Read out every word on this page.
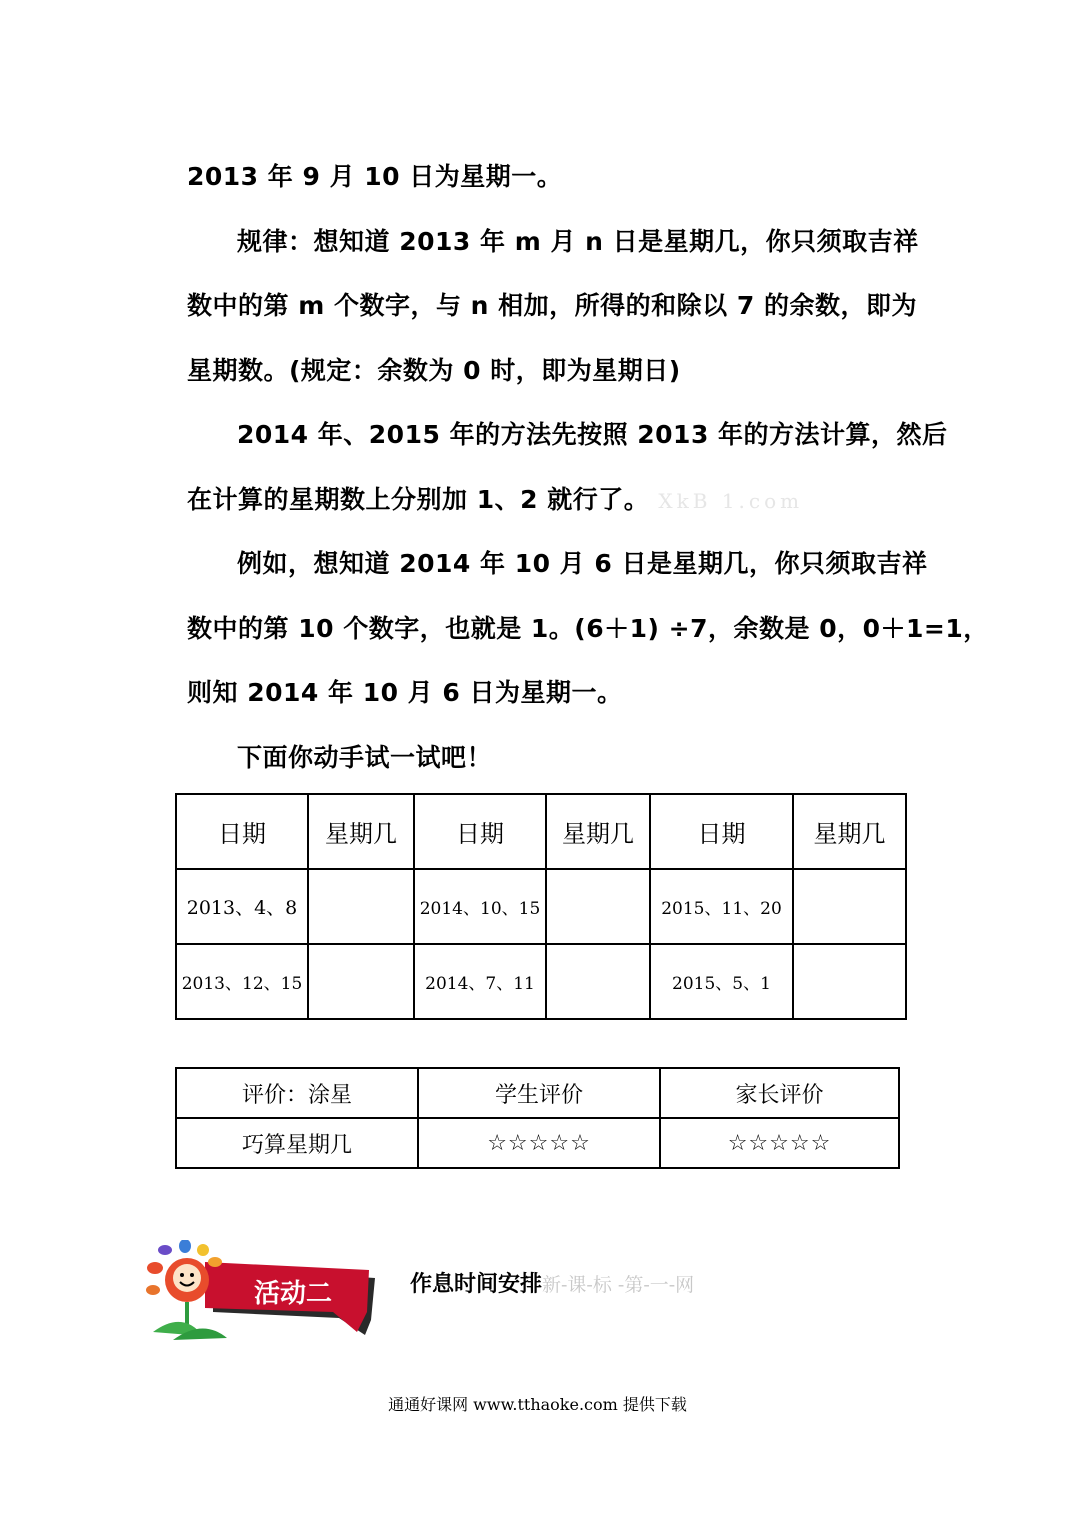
2013 年 9 月 10 日为星期一。
规律：想知道 2013 年 m 月 n 日是星期几，你只须取吉祥
数中的第 m 个数字，与 n 相加，所得的和除以 7 的余数，即为
星期数。(规定：余数为 0 时，即为星期日)
2014 年、2015 年的方法先按照 2013 年的方法计算，然后
在计算的星期数上分别加 1、2 就行了。 XkB 1.com
例如，想知道 2014 年 10 月 6 日是星期几，你只须取吉祥
数中的第 10 个数字，也就是 1。(6＋1) ÷7，余数是 0，0＋1=1，
则知 2014 年 10 月 6 日为星期一。
下面你动手试一试吧！
日期	星期几	日期	星期几	日期	星期几
2013、4、8		2014、10、15		2015、11、20	
2013、12、15		2014、7、11		2015、5、1	
评价：涂星	学生评价	家长评价
巧算星期几	☆☆☆☆☆	☆☆☆☆☆
活动二	作息时间安排新-课-标 -第-一-网
通通好课网 www.tthaoke.com 提供下载
